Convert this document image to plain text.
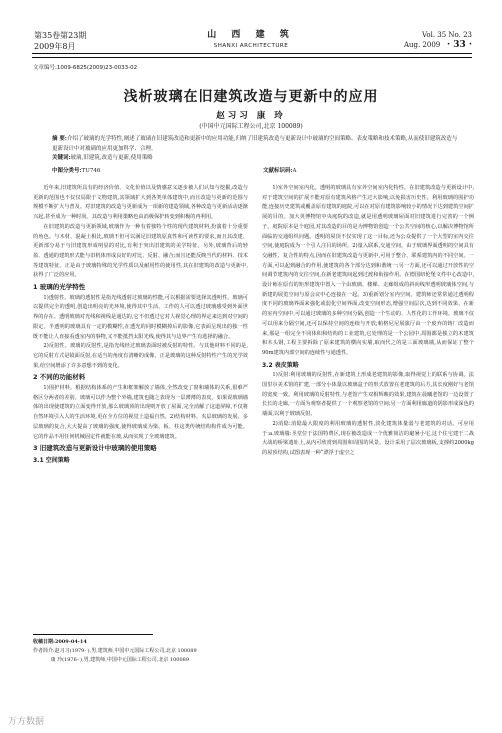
第35卷第23期
2009年8月
山 西 建 筑
SHANXI ARCHITECTURE
Vol. 35 No. 23
Aug. 2009 · 33 ·
文章编号:1009-6825(2009)23-0033-02
浅析玻璃在旧建筑改造与更新中的应用
赵习习 康 玲
(中国中元国际工程公司,北京 100089)
摘 要:介绍了玻璃的光学特性,阐述了玻璃在旧建筑改造和更新中的应用功能,归纳了旧建筑改造与更新设计中玻璃的空间策略、表皮策略和技术策略,从而使旧建筑改造与更新设计中对玻璃的应用更加科学、合理。
关键词:玻璃,旧建筑,改造与更新,使用策略
中图分类号:TU746	文献标识码:A

近年来,旧建筑所具有的经济价值、文化价值以及情感意义逐步被人们认知与挖掘,改造与更新的范围也不仅仅局限于文物建筑,其领域扩大到各类单体建筑中,而且改造与更新的范围与规模不断扩大与普及。对旧建筑的改造与更新成为一项新的建造领域,各种改造与更新活动逐渐兴起,甚至成为一种时尚。其改造与利用策略也由消极保护转变到积极的再利用。

在旧建筑的改造与更新领域,玻璃作为一种有着独特个性的现代建筑材料,扮演着十分重要的角色。与木材、混凝土相比,玻璃不但可以满足旧建筑原真性和可读性的要求,而且其改建、更新部分易于与旧建筑形成明显的对比,有利于突出旧建筑的美学特征。另外,玻璃背后的轻盈、透通的建筑形式能与旧机体形成良好的对比、反射、融合;而且还能反映当代的材料、技术等建筑特征。正是由于玻璃特殊的光学性质以及耐用性的使用性,其在旧建筑的改造与更新中,获得了广泛的应用。

1 玻璃的光学特性

1)透射性。玻璃的透射性是指光线透射过玻璃的性能,可以根据需要选择其透明性。玻璃可以提供完全的透明,创造出明亮的光环境,使得其中生活、工作的人可以透过玻璃感受到外面世界的存在。透明玻璃对光线和视线是通达的,它不但透过它对人视觉心理的界定来达到对空间的限定。半透明的玻璃具有一定的模糊性,在透光的同时模糊掉后的影像,它表面呈现出的独一性既不能让人直接看透室内的事物,又不能抵挡太阳光线,使得其与边界产生有选择的融合。

2)反射性。玻璃的反射性,是指光线经过玻璃表面时被反射的特性。与其他材料不同的是,它的反射方式是镜面反射,在适当的角度有清晰的成像。正是玻璃的这种反射特性产生的光学效果,给空间增添了许多意想不到的变化。

2 不同的功能材料

1)围护材料。根据结构体系的产生和框架解放了墙体,全然改变了窗和墙体的关系,很难严格区分两者的差别。玻璃可以作为整个外墙,建筑也随之表现为一层薄薄的表皮。如果说玻璃墙体的出现使建筑的立面变得开放,那么玻璃顶的出现则开放了屋面,完全消解了这道屏障,不仅将自然环境引入人的生活环境,更在全方位的视觉上造福自然。2)结构材料。夹层玻璃的发展、多层玻璃的复合,大大提高了玻璃的强度,使得玻璃成为梁、板、柱这类传统结构构件成为可能。它的作品不用任何机械固定件就能在玻,从而实现了全玻璃建筑。

3 旧建筑改造与更新设计中玻璃的使用策略
3.1 空间策略

1)室外空间室内化。透明的玻璃具有室外空间室内化特性。在旧建筑改造与更新设计中,对于建筑空间的扩展不能对原有建筑风格产生过大影响,以免损害历史性。利用玻璃的围护功能,连接历史建筑或覆盖原有建筑的庭院,可以在对原有建筑影响较小的情况下达到建筑空间扩展的目的。加大英博物馆中央庭院的改造,就是用透明玻璃屋面对旧建筑进行完善的一个例子。庭院原本是个庭园,对其改造的目的是为博物馆创造一个公共空间的核心,以解决博物馆所面临的交通组织问题。透明的屋顶不仅实现了这一目标,还为公众提供了一个大型的室内交往空间,使庭院成为一个引人注目的场所。2)量入联系,交通空间。由于玻璃界面透明的空间具有交融性、复合性的特点,因而在旧建筑改造与更新中,可用于整合、联系建筑内的不同空间。一方面,可以起到融合的作用,使建筑的各个部分达到和谐统一;另一方面,还可以通过开放性的空间调节建筑内的交往空间,在新老建筑间起到过渡和衔接作用。在德国纽伦堡文件中心改造中,设计师在原有的矩形建筑中置入一个由玻璃、楼梯、走廊组成的斜向线形透明玻璃体空间,与新建的展览空间与原会议中心连接在一起。3)重新划分室内空间。建筑师还常常通过透明程度不同的玻璃界面来强化或弱化空间界面,改变空间形态,增强空间层次,达到不同效果。在新的室内空间中,可以通过玻璃的多种空间分隔,创造一个生动的、人性化的工作环境。玻璃不仅可以用来分隔空间,还可以保持空间的连续与开放;帕格尼尼展演厅由一个废弃的铸厂改造而来,那是一组完全不同体积和结构的工业建筑,它处理的是一个公园中,周围都是独立的木建筑和木头钢,工程主要拆除了原来建筑的横向实墙,取而代之的是三面玻璃墙,从而保证了整个90m建筑内部空间的连续性与通透性。

3.2 表皮策略

1)反射:利用玻璃的反射性,在新建筑上形成老建筑的影像,取得视觉上的联系与协调。法国里尔美术馆的扩建,一部分小体量以玻璃盒子的形式放置在老建筑的后方,其长度刚好与老馆的宽度一致。利用玻璃的反射特性,与老馆产生双相辉映的效果,建筑在晨曦老馆的一边设置了长长的走廊,一方面为观察者提供了一个观察老馆的空间;另一方面利用廊道的阴影形成深色的墙面,以利于玻璃反射。

2)消隐:消隐最大限度的利用玻璃的透射性,淡化建筑体量弱与老建筑的对话。可应用于:a.玻璃墙:圣堂位于法国特费区,现在被改造成一个优雅简洁的避暑小宅,这个住宅建于二战大战的桥梁遗址上,从内可欣赏到周围和周围的风景。设计采用了层次玻璃板,支撑约2000kg的屋顶结构,试图表现一种“漂浮于虚空之

收稿日期:2009-04-14
作者简介:赵习习(1979- ),男,建筑师,中国中元国际工程公司,北京 100089
康 玲(1976- ),男,建筑师,中国中元国际工程公司,北京 100089
万方数据
